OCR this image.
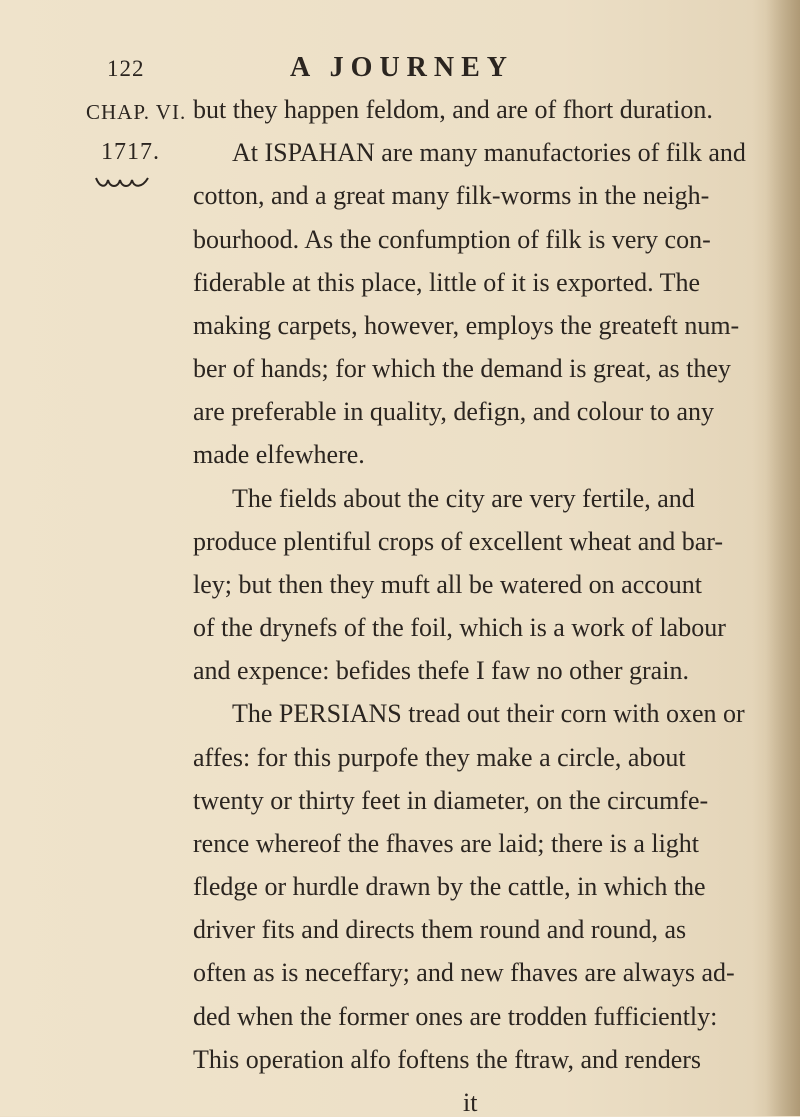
122	A JOURNEY
CHAP. VI.
1717.
but they happen feldom, and are of fhort duration.
At ISPAHAN are many manufactories of filk and
cotton, and a great many filk-worms in the neigh-
bourhood. As the confumption of filk is very con-
fiderable at this place, little of it is exported. The
making carpets, however, employs the greateft num-
ber of hands; for which the demand is great, as they
are preferable in quality, defign, and colour to any
made elfewhere.
The fields about the city are very fertile, and
produce plentiful crops of excellent wheat and bar-
ley; but then they muft all be watered on account
of the drynefs of the foil, which is a work of labour
and expence: befides thefe I faw no other grain.
The PERSIANS tread out their corn with oxen or
affes: for this purpofe they make a circle, about
twenty or thirty feet in diameter, on the circumfe-
rence whereof the fhaves are laid; there is a light
fledge or hurdle drawn by the cattle, in which the
driver fits and directs them round and round, as
often as is neceffary; and new fhaves are always ad-
ded when the former ones are trodden fufficiently:
This operation alfo foftens the ftraw, and renders
it
